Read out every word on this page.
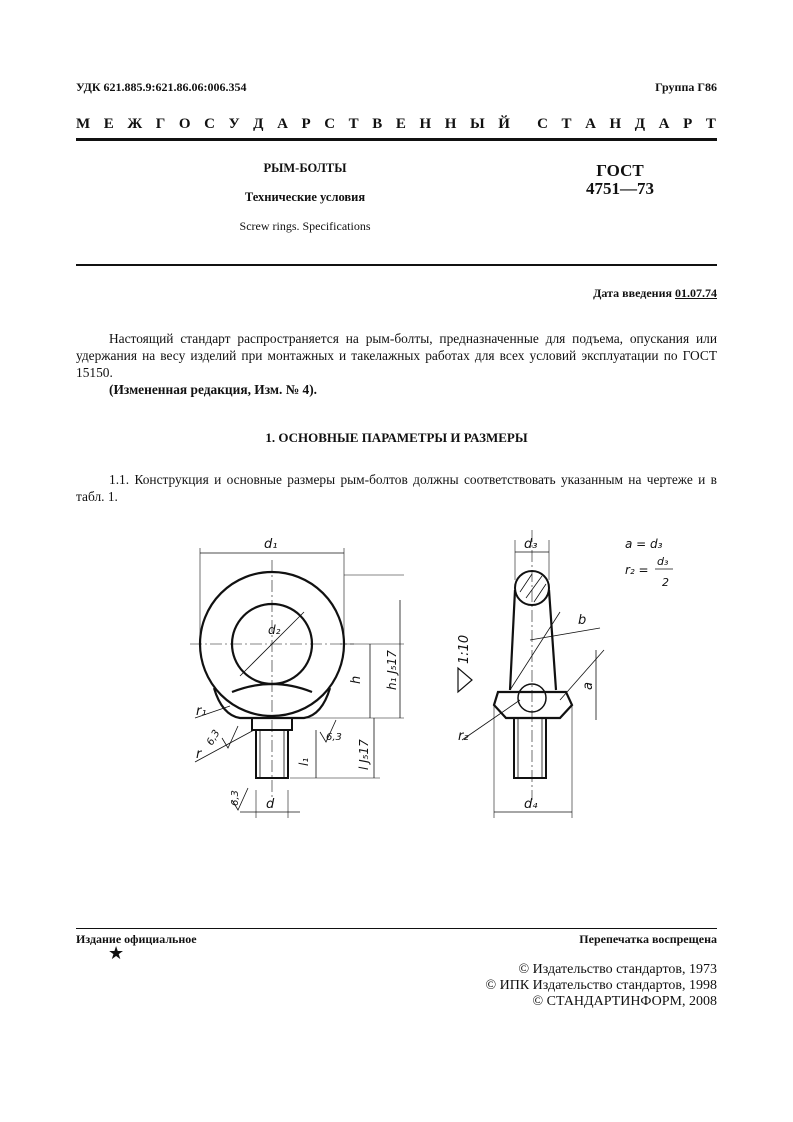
УДК 621.885.9:621.86.06:006.354	Группа Г86
М Е Ж Г О С У Д А Р С Т В Е Н Н Ы Й С Т А Н Д А Р Т
РЫМ-БОЛТЫ
Технические условия
Screw rings. Specifications
ГОСТ
4751—73
Дата введения 01.07.74
Настоящий стандарт распространяется на рым-болты, предназначенные для подъема, опускания или удержания на весу изделий при монтажных и такелажных работах для всех условий эксплуатации по ГОСТ 15150.
(Измененная редакция, Изм. № 4).
1. ОСНОВНЫЕ ПАРАМЕТРЫ И РАЗМЕРЫ
1.1. Конструкция и основные размеры рым-болтов должны соответствовать указанным на чертеже и в табл. 1.
d₁
d₂
h h₁ J₅17
l₁	l J₅17
d
r₁
r
6,3	6,3
6,3
d₃
d₄
b
a
1:10
r₂
a = d₃
r₂ =
d₃
2
Издание официальное	Перепечатка воспрещена
★
© Издательство стандартов, 1973
© ИПК Издательство стандартов, 1998
© СТАНДАРТИНФОРМ, 2008
